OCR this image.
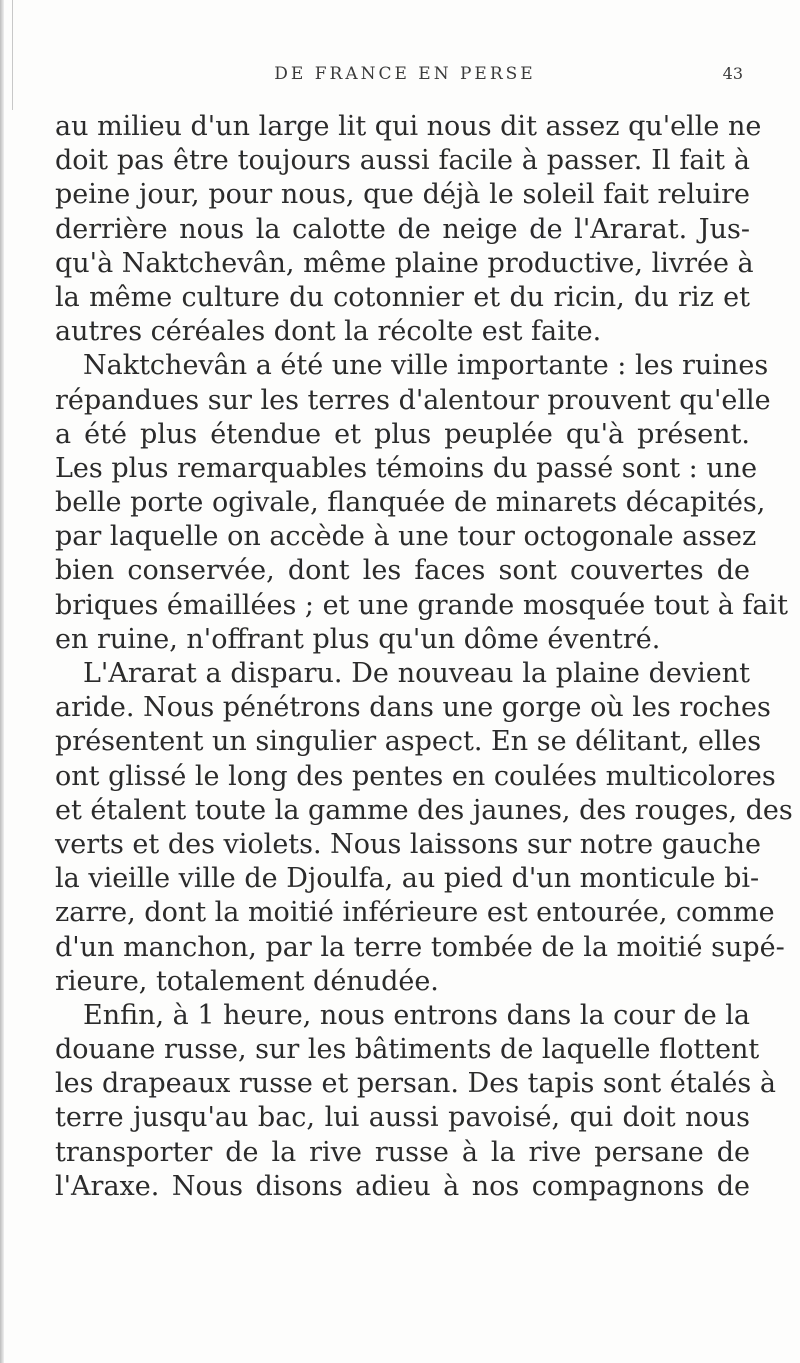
DE FRANCE EN PERSE	43
au milieu d'un large lit qui nous dit assez qu'elle ne
doit pas être toujours aussi facile à passer. Il fait à
peine jour, pour nous, que déjà le soleil fait reluire
derrière nous la calotte de neige de l'Ararat. Jus-
qu'à Naktchevân, même plaine productive, livrée à
la même culture du cotonnier et du ricin, du riz et
autres céréales dont la récolte est faite.
Naktchevân a été une ville importante : les ruines
répandues sur les terres d'alentour prouvent qu'elle
a été plus étendue et plus peuplée qu'à présent.
Les plus remarquables témoins du passé sont : une
belle porte ogivale, flanquée de minarets décapités,
par laquelle on accède à une tour octogonale assez
bien conservée, dont les faces sont couvertes de
briques émaillées ; et une grande mosquée tout à fait
en ruine, n'offrant plus qu'un dôme éventré.
L'Ararat a disparu. De nouveau la plaine devient
aride. Nous pénétrons dans une gorge où les roches
présentent un singulier aspect. En se délitant, elles
ont glissé le long des pentes en coulées multicolores
et étalent toute la gamme des jaunes, des rouges, des
verts et des violets. Nous laissons sur notre gauche
la vieille ville de Djoulfa, au pied d'un monticule bi-
zarre, dont la moitié inférieure est entourée, comme
d'un manchon, par la terre tombée de la moitié supé-
rieure, totalement dénudée.
Enfin, à 1 heure, nous entrons dans la cour de la
douane russe, sur les bâtiments de laquelle flottent
les drapeaux russe et persan. Des tapis sont étalés à
terre jusqu'au bac, lui aussi pavoisé, qui doit nous
transporter de la rive russe à la rive persane de
l'Araxe. Nous disons adieu à nos compagnons de
